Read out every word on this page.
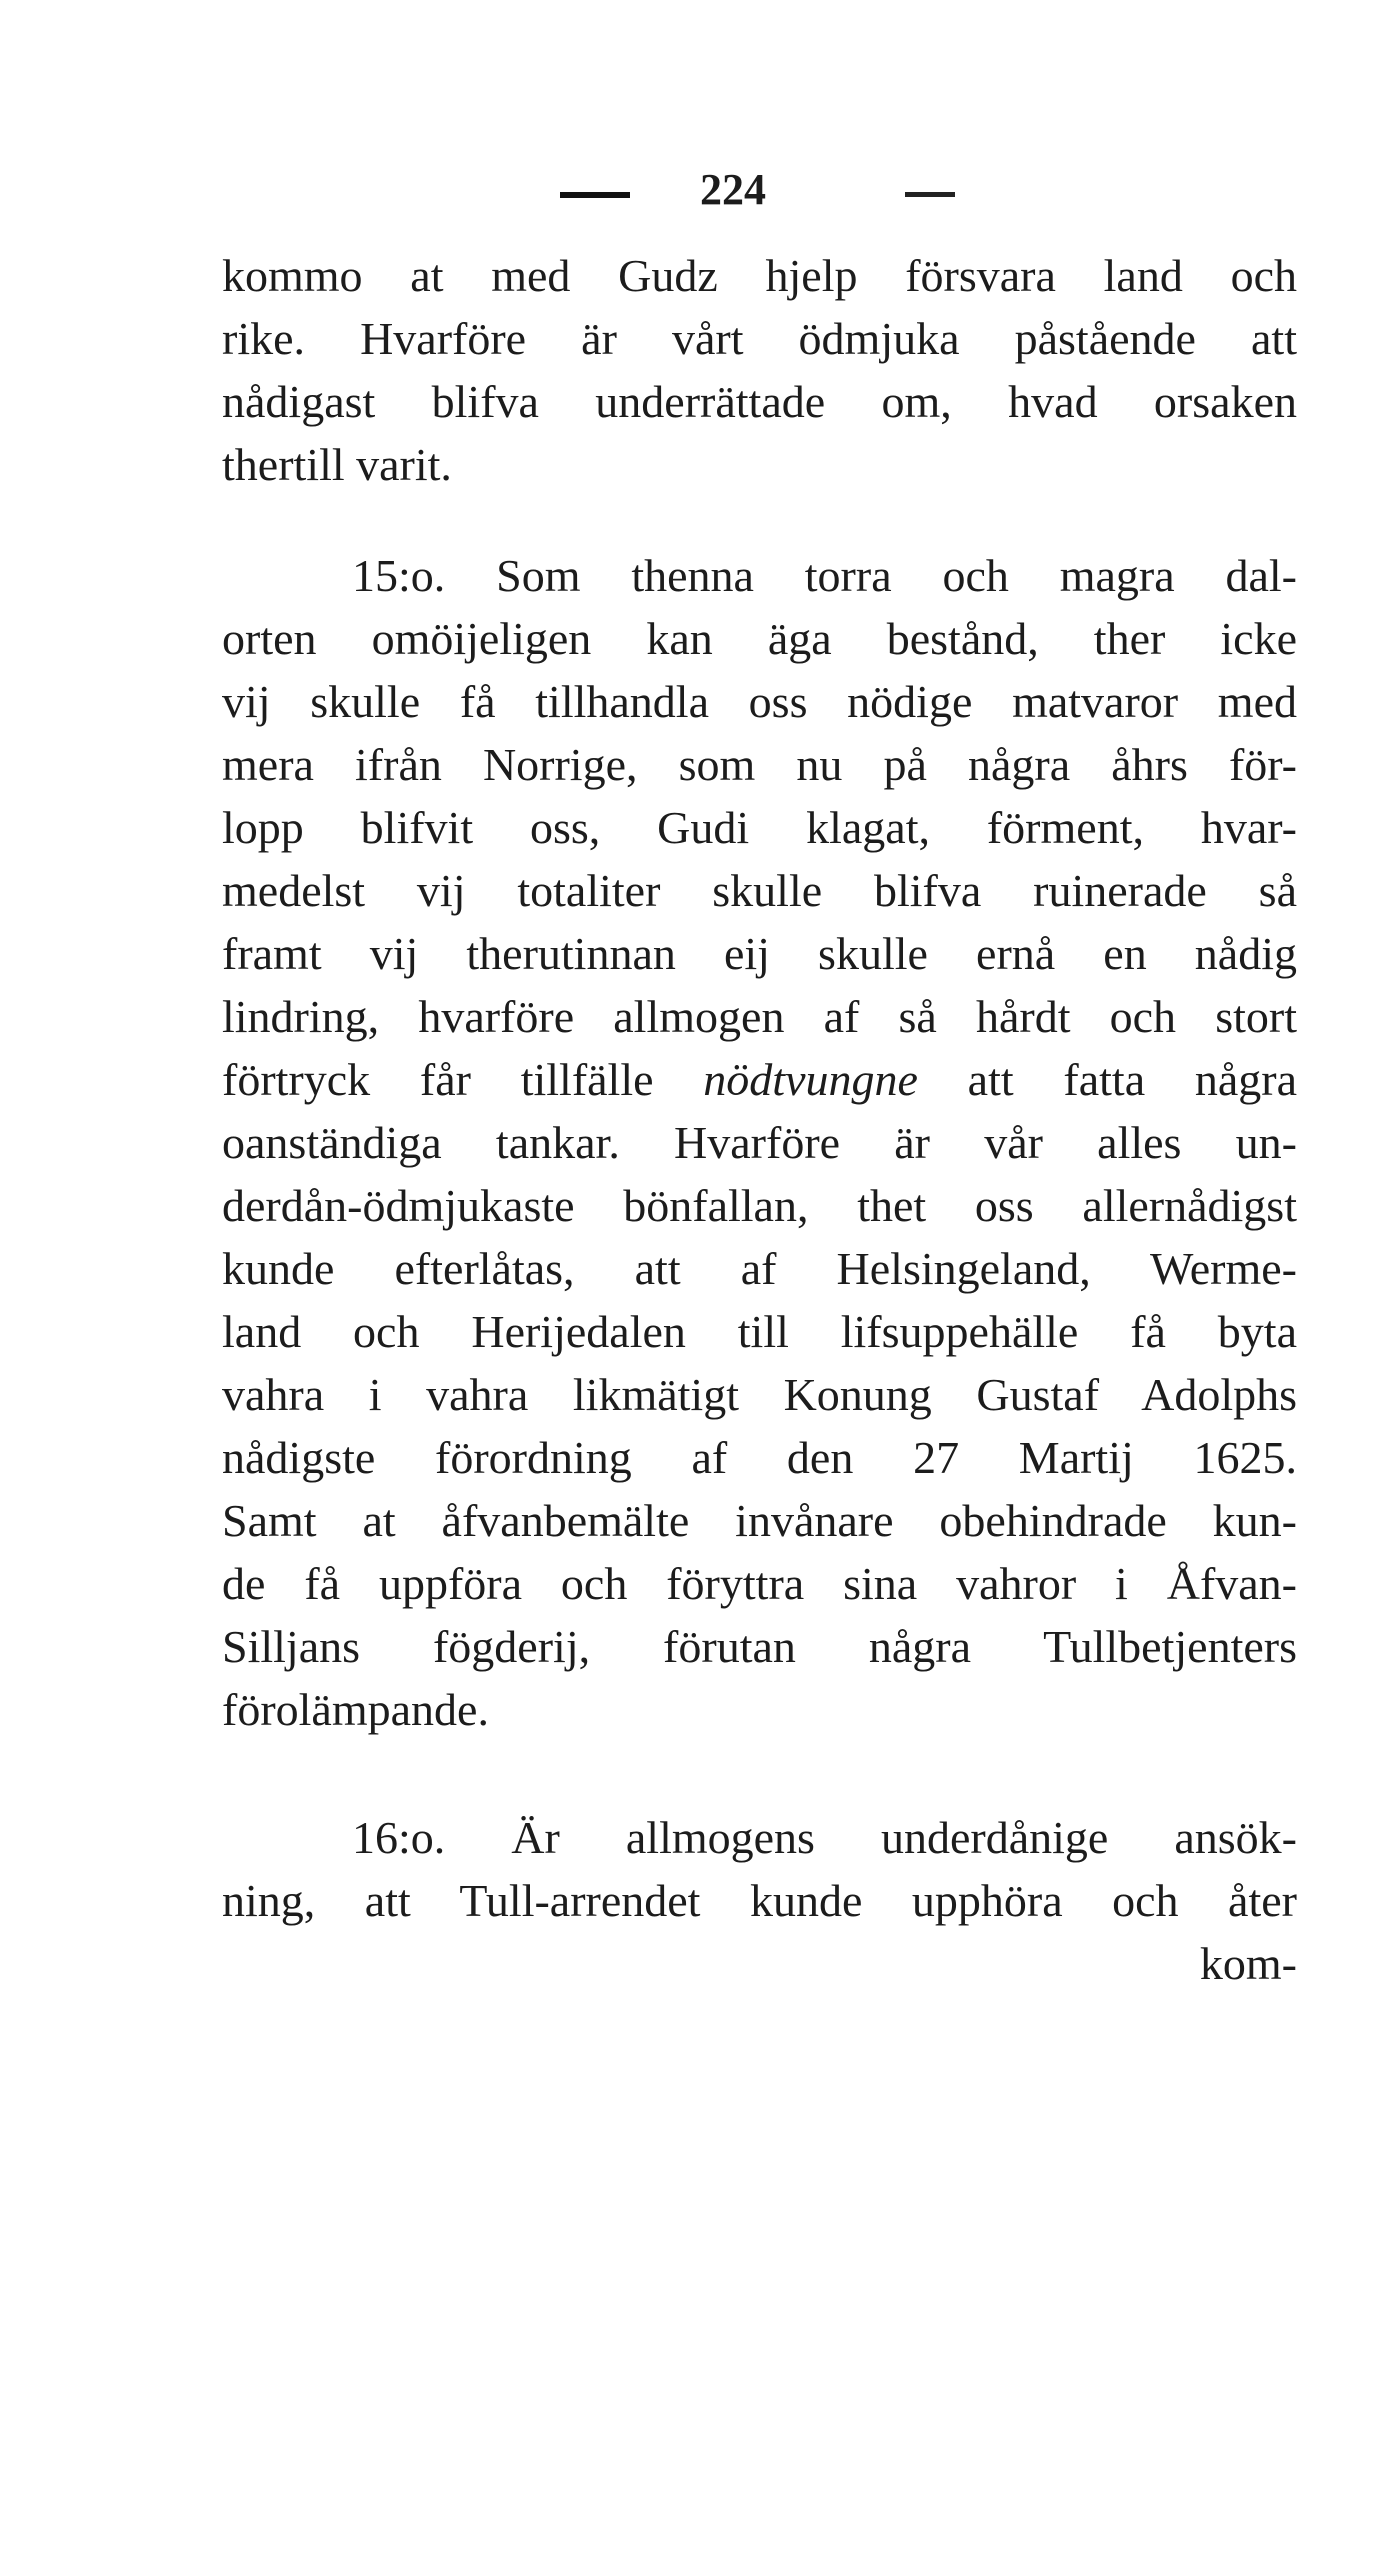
224
kommo at med Gudz hjelp försvara land och
rike. Hvarföre är vårt ödmjuka påstående att
nådigast blifva underrättade om, hvad orsaken
thertill varit.
15:o. Som thenna torra och magra dal-
orten omöijeligen kan äga bestånd, ther icke
vij skulle få tillhandla oss nödige matvaror med
mera ifrån Norrige, som nu på några åhrs för-
lopp blifvit oss, Gudi klagat, förment, hvar-
medelst vij totaliter skulle blifva ruinerade så
framt vij therutinnan eij skulle ernå en nådig
lindring, hvarföre allmogen af så hårdt och stort
förtryck får tillfälle nödtvungne att fatta några
oanständiga tankar. Hvarföre är vår alles un-
derdån-ödmjukaste bönfallan, thet oss allernådigst
kunde efterlåtas, att af Helsingeland, Werme-
land och Herijedalen till lifsuppehälle få byta
vahra i vahra likmätigt Konung Gustaf Adolphs
nådigste förordning af den 27 Martij 1625.
Samt at åfvanbemälte invånare obehindrade kun-
de få uppföra och föryttra sina vahror i Åfvan-
Silljans fögderij, förutan några Tullbetjenters
förolämpande.
16:o. Är allmogens underdånige ansök-
ning, att Tull-arrendet kunde upphöra och åter
kom-
